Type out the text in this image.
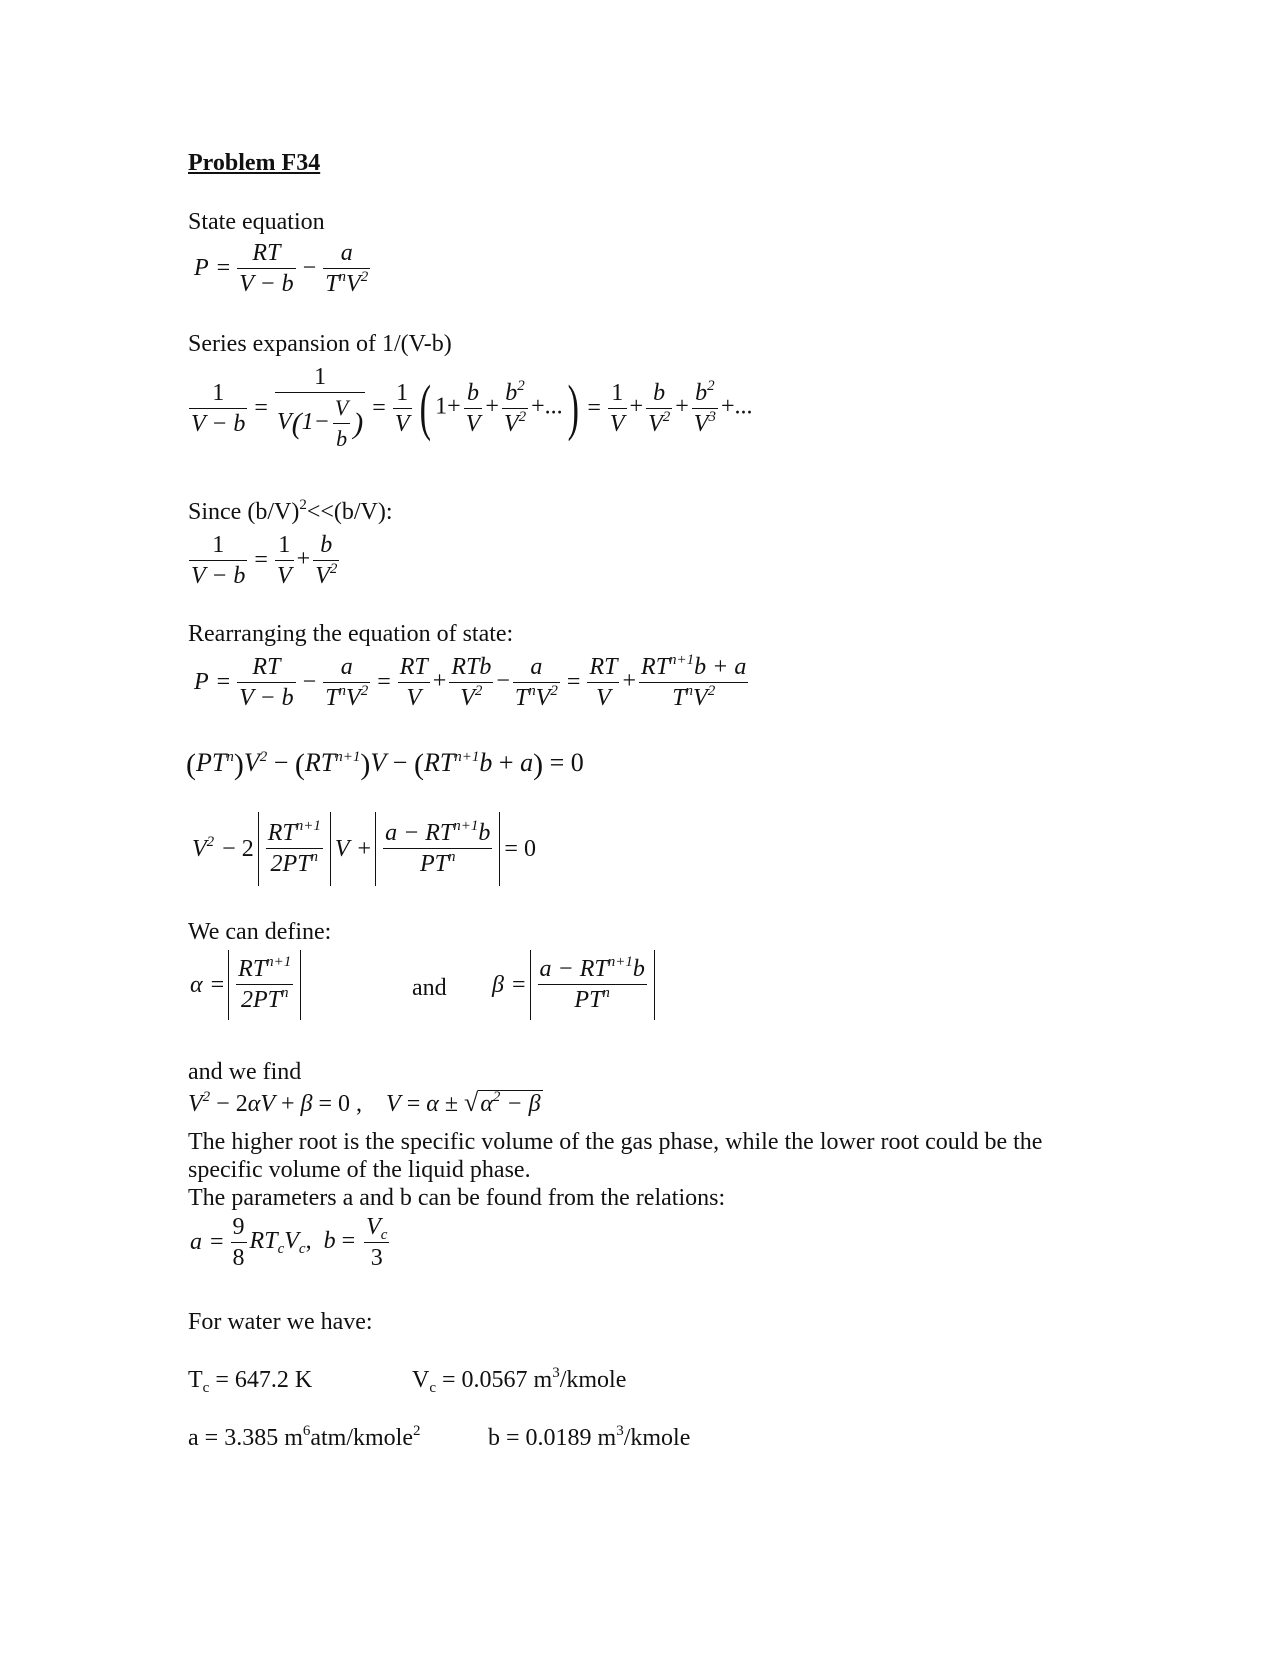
Problem F34
State equation
$P = \frac{RT}{V - b} - \frac{a}{T^nV^2}$
Series expansion of 1/(V-b)
$\frac{1}{V - b} = \frac{1}{V(1- \frac{V}{b} )} = \frac{1}{V}$ ( $1+ \frac{b}{V} + \frac{b^2}{V^2}$ +...) = $\frac{1}{V} + \frac{b}{V^2} + \frac{b^2}{V^3}$ +...
Since $(b/V)^2<<(b/V)$:
$\frac{1}{V - b} = \frac{1}{V} + \frac{b}{V^2}$
Rearranging the equation of state:
$P = \frac{RT}{V - b} - \frac{a}{T^nV^2} = \frac{RT}{V} + \frac{\text{RTb}}{V^2} - \frac{a}{T^nV^2} = \frac{RT}{V} + \frac{RT^{n+1}b + a}{T^nV^2}$
$(PT^n)V^2 - (RT^{n+1})V - (RT^{n+1}b + a) = 0$
$V^2 - 2 \frac{RT^{n+1}}{2PT^n}$ $V + \frac{a - RT^{n+1}b}{PT^n} = 0$
We can define:
$\alpha = \frac{RT^{n+1}}{2PT^n}$	and $\beta = \frac{a - RT^{n+1}b}{PT^n}$
and we find
$V^2 - 2\alpha V + \beta = 0$ ,    $V = \alpha \pm √\alpha^2 - \beta$
The higher root is the specific volume of the gas phase, while the lower root could be the
specific volume of the liquid phase.
The parameters a and b can be found from the relations:
$a = \frac{9}{8} RT_cV_c$,  $b = \frac{V_c}{3}$
For water we have:
$T_c = 647.2$ K	$V_c = 0.0567$ $m^3$/kmole
a = 3.385 $m^6atm/kmole^2$	b = 0.0189 $m^3$/kmole
